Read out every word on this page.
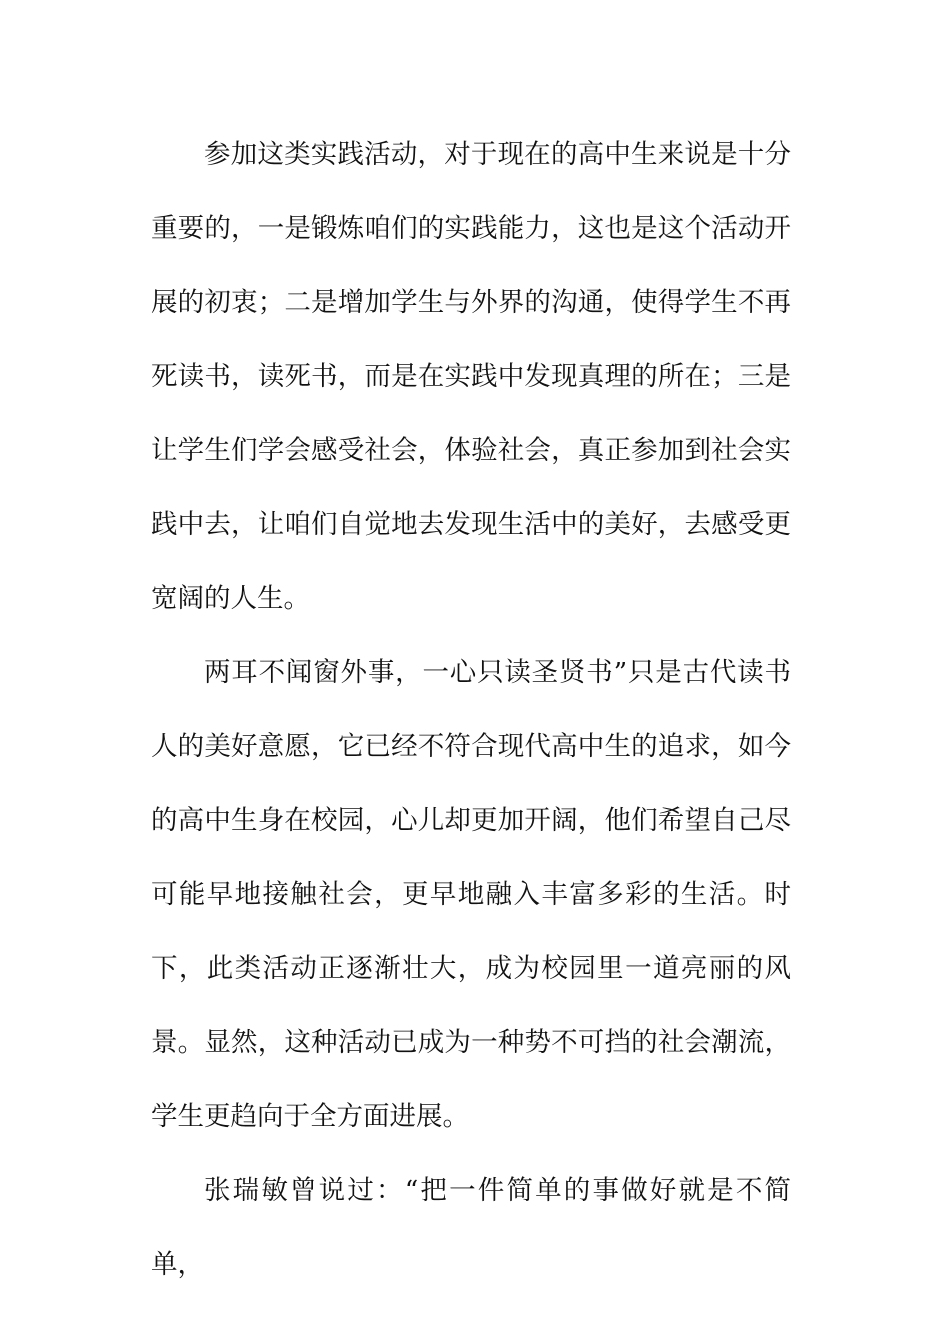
参加这类实践活动，对于现在的高中生来说是十分重要的，一是锻炼咱们的实践能力，这也是这个活动开展的初衷；二是增加学生与外界的沟通，使得学生不再死读书，读死书，而是在实践中发现真理的所在；三是让学生们学会感受社会，体验社会，真正参加到社会实践中去，让咱们自觉地去发现生活中的美好，去感受更宽阔的人生。

两耳不闻窗外事，一心只读圣贤书”只是古代读书人的美好意愿，它已经不符合现代高中生的追求，如今的高中生身在校园，心儿却更加开阔，他们希望自己尽可能早地接触社会，更早地融入丰富多彩的生活。时下，此类活动正逐渐壮大，成为校园里一道亮丽的风景。显然，这种活动已成为一种势不可挡的社会潮流，学生更趋向于全方面进展。

张瑞敏曾说过：“把一件简单的事做好就是不简单，
